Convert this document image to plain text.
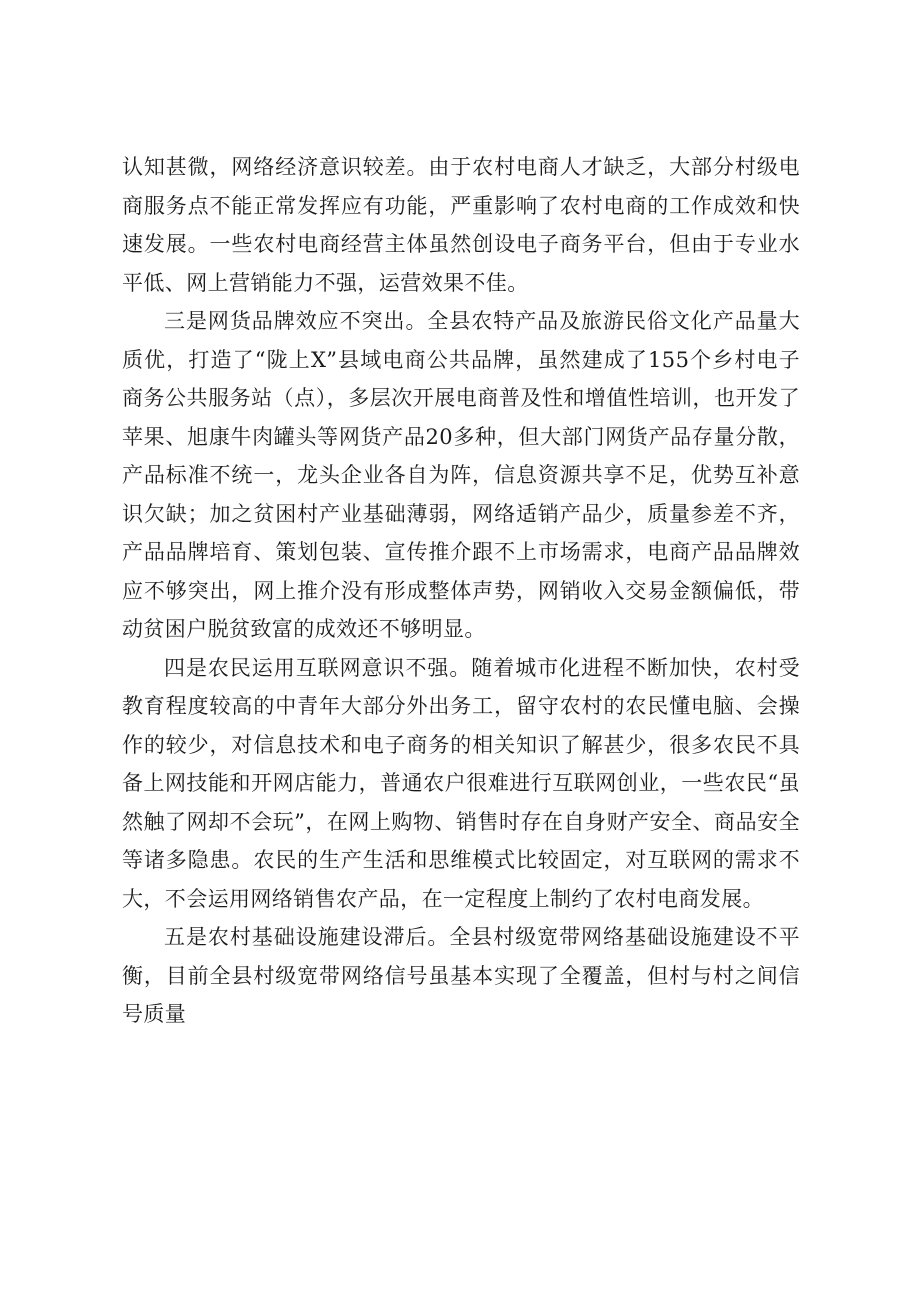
认知甚微，网络经济意识较差。由于农村电商人才缺乏，大部分村级电商服务点不能正常发挥应有功能，严重影响了农村电商的工作成效和快速发展。一些农村电商经营主体虽然创设电子商务平台，但由于专业水平低、网上营销能力不强，运营效果不佳。

三是网货品牌效应不突出。全县农特产品及旅游民俗文化产品量大质优，打造了“陇上X”县域电商公共品牌，虽然建成了155个乡村电子商务公共服务站（点），多层次开展电商普及性和增值性培训，也开发了苹果、旭康牛肉罐头等网货产品20多种，但大部门网货产品存量分散，产品标准不统一，龙头企业各自为阵，信息资源共享不足，优势互补意识欠缺；加之贫困村产业基础薄弱，网络适销产品少，质量参差不齐，产品品牌培育、策划包装、宣传推介跟不上市场需求，电商产品品牌效应不够突出，网上推介没有形成整体声势，网销收入交易金额偏低，带动贫困户脱贫致富的成效还不够明显。

四是农民运用互联网意识不强。随着城市化进程不断加快，农村受教育程度较高的中青年大部分外出务工，留守农村的农民懂电脑、会操作的较少，对信息技术和电子商务的相关知识了解甚少，很多农民不具备上网技能和开网店能力，普通农户很难进行互联网创业，一些农民“虽然触了网却不会玩”，在网上购物、销售时存在自身财产安全、商品安全等诸多隐患。农民的生产生活和思维模式比较固定，对互联网的需求不大，不会运用网络销售农产品，在一定程度上制约了农村电商发展。

五是农村基础设施建设滞后。全县村级宽带网络基础设施建设不平衡，目前全县村级宽带网络信号虽基本实现了全覆盖，但村与村之间信号质量
